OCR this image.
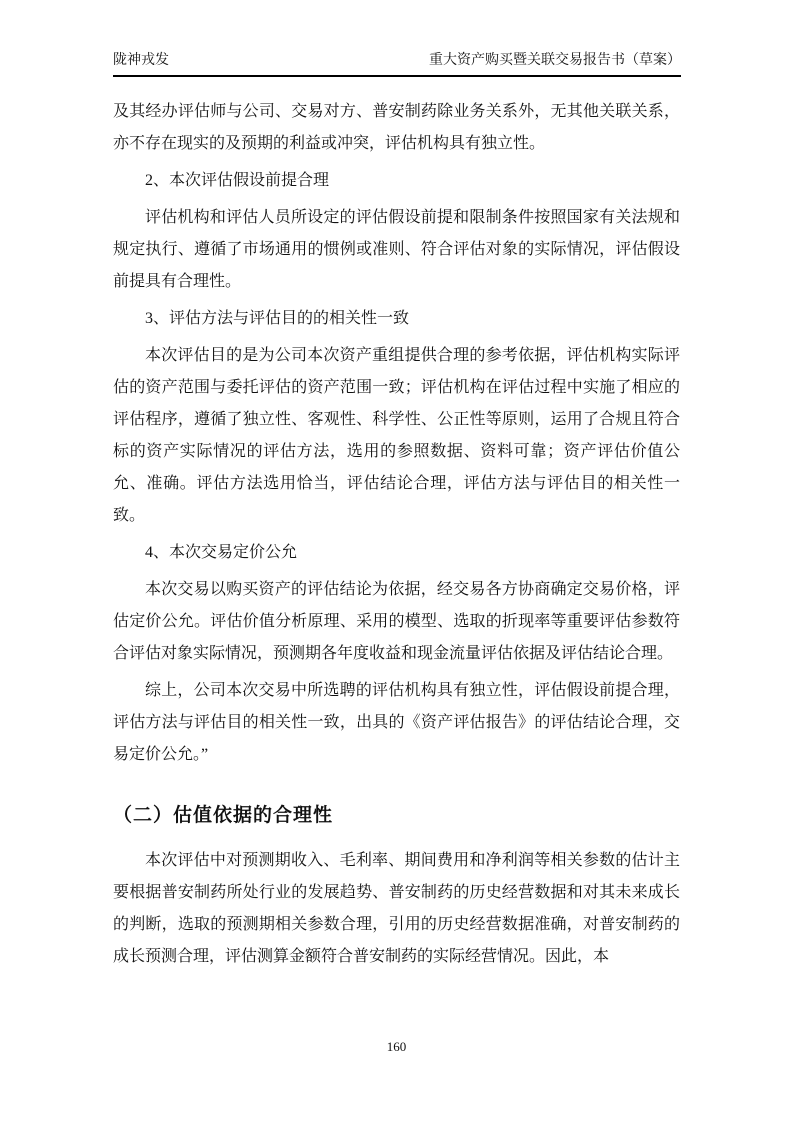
陇神戎发	重大资产购买暨关联交易报告书（草案）

及其经办评估师与公司、交易对方、普安制药除业务关系外，无其他关联关系，亦不存在现实的及预期的利益或冲突，评估机构具有独立性。

2、本次评估假设前提合理

评估机构和评估人员所设定的评估假设前提和限制条件按照国家有关法规和规定执行、遵循了市场通用的惯例或准则、符合评估对象的实际情况，评估假设前提具有合理性。

3、评估方法与评估目的的相关性一致

本次评估目的是为公司本次资产重组提供合理的参考依据，评估机构实际评估的资产范围与委托评估的资产范围一致；评估机构在评估过程中实施了相应的评估程序，遵循了独立性、客观性、科学性、公正性等原则，运用了合规且符合标的资产实际情况的评估方法，选用的参照数据、资料可靠；资产评估价值公允、准确。评估方法选用恰当，评估结论合理，评估方法与评估目的相关性一致。

4、本次交易定价公允

本次交易以购买资产的评估结论为依据，经交易各方协商确定交易价格，评估定价公允。评估价值分析原理、采用的模型、选取的折现率等重要评估参数符合评估对象实际情况，预测期各年度收益和现金流量评估依据及评估结论合理。

综上，公司本次交易中所选聘的评估机构具有独立性，评估假设前提合理，评估方法与评估目的相关性一致，出具的《资产评估报告》的评估结论合理，交易定价公允。”

（二）估值依据的合理性

本次评估中对预测期收入、毛利率、期间费用和净利润等相关参数的估计主要根据普安制药所处行业的发展趋势、普安制药的历史经营数据和对其未来成长的判断，选取的预测期相关参数合理，引用的历史经营数据准确，对普安制药的成长预测合理，评估测算金额符合普安制药的实际经营情况。因此，本

160
